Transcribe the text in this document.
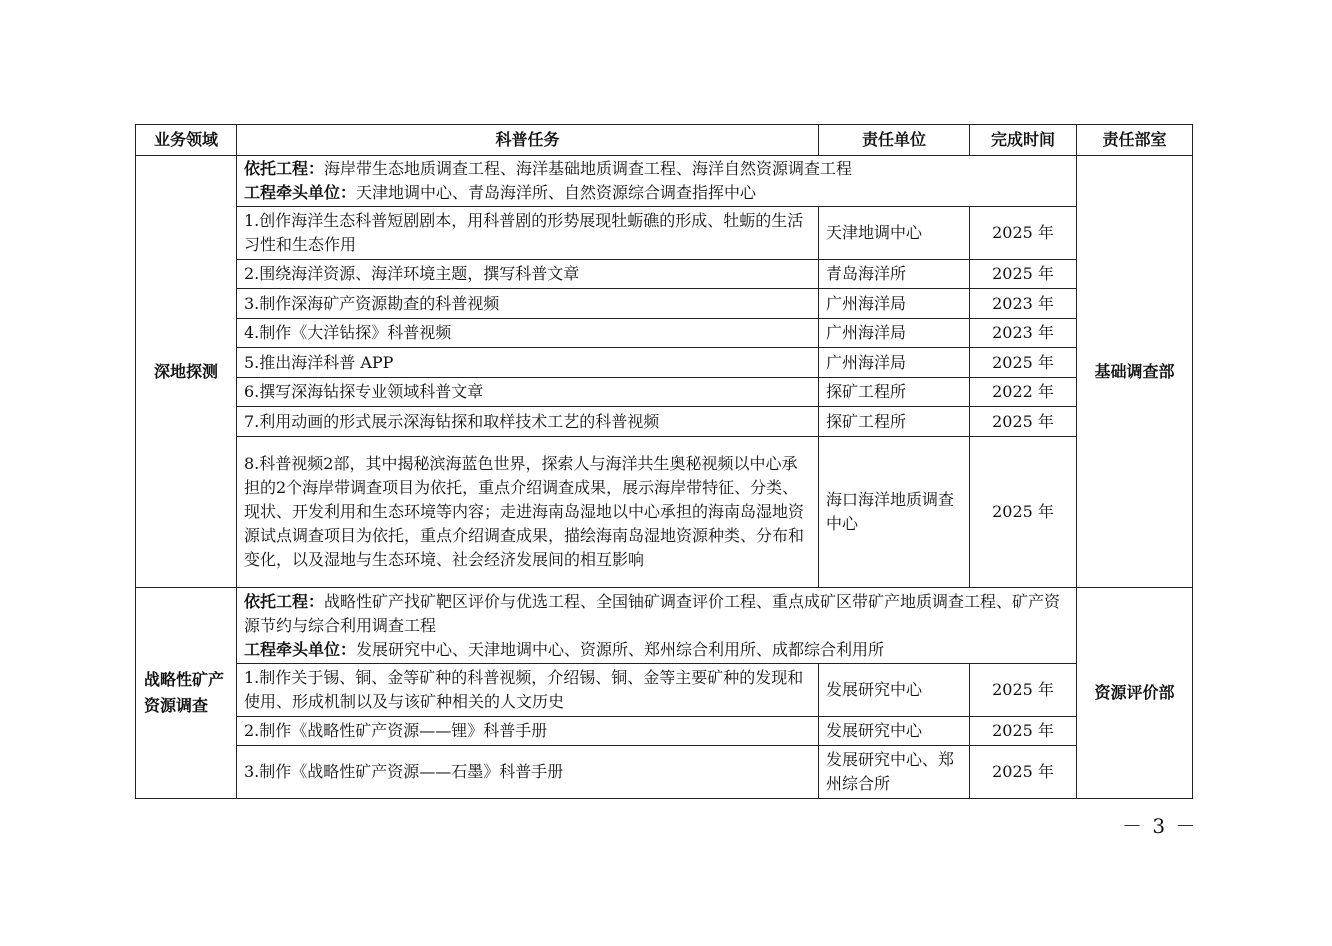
业务领域	科普任务	责任单位	完成时间	责任部室
深地探测	依托工程：海岸带生态地质调查工程、海洋基础地质调查工程、海洋自然资源调查工程
工程牵头单位：天津地调中心、青岛海洋所、自然资源综合调查指挥中心			基础调查部
	1.创作海洋生态科普短剧剧本，用科普剧的形势展现牡蛎礁的形成、牡蛎的生活习性和生态作用	天津地调中心	2025 年	
	2.围绕海洋资源、海洋环境主题，撰写科普文章	青岛海洋所	2025 年	
	3.制作深海矿产资源勘查的科普视频	广州海洋局	2023 年	
	4.制作《大洋钻探》科普视频	广州海洋局	2023 年	
	5.推出海洋科普 APP	广州海洋局	2025 年	
	6.撰写深海钻探专业领域科普文章	探矿工程所	2022 年	
	7.利用动画的形式展示深海钻探和取样技术工艺的科普视频	探矿工程所	2025 年	
	8.科普视频2部，其中揭秘滨海蓝色世界，探索人与海洋共生奥秘视频以中心承担的2个海岸带调查项目为依托，重点介绍调查成果，展示海岸带特征、分类、现状、开发利用和生态环境等内容；走进海南岛湿地以中心承担的海南岛湿地资源试点调查项目为依托，重点介绍调查成果，描绘海南岛湿地资源种类、分布和变化，以及湿地与生态环境、社会经济发展间的相互影响	海口海洋地质调查中心	2025 年	
战略性矿产资源调查	依托工程：战略性矿产找矿靶区评价与优选工程、全国铀矿调查评价工程、重点成矿区带矿产地质调查工程、矿产资源节约与综合利用调查工程
工程牵头单位：发展研究中心、天津地调中心、资源所、郑州综合利用所、成都综合利用所			资源评价部
	1.制作关于锡、铜、金等矿种的科普视频，介绍锡、铜、金等主要矿种的发现和使用、形成机制以及与该矿种相关的人文历史	发展研究中心	2025 年	
	2.制作《战略性矿产资源——锂》科普手册	发展研究中心	2025 年	
	3.制作《战略性矿产资源——石墨》科普手册	发展研究中心、郑州综合所	2025 年	
－ 3 －
